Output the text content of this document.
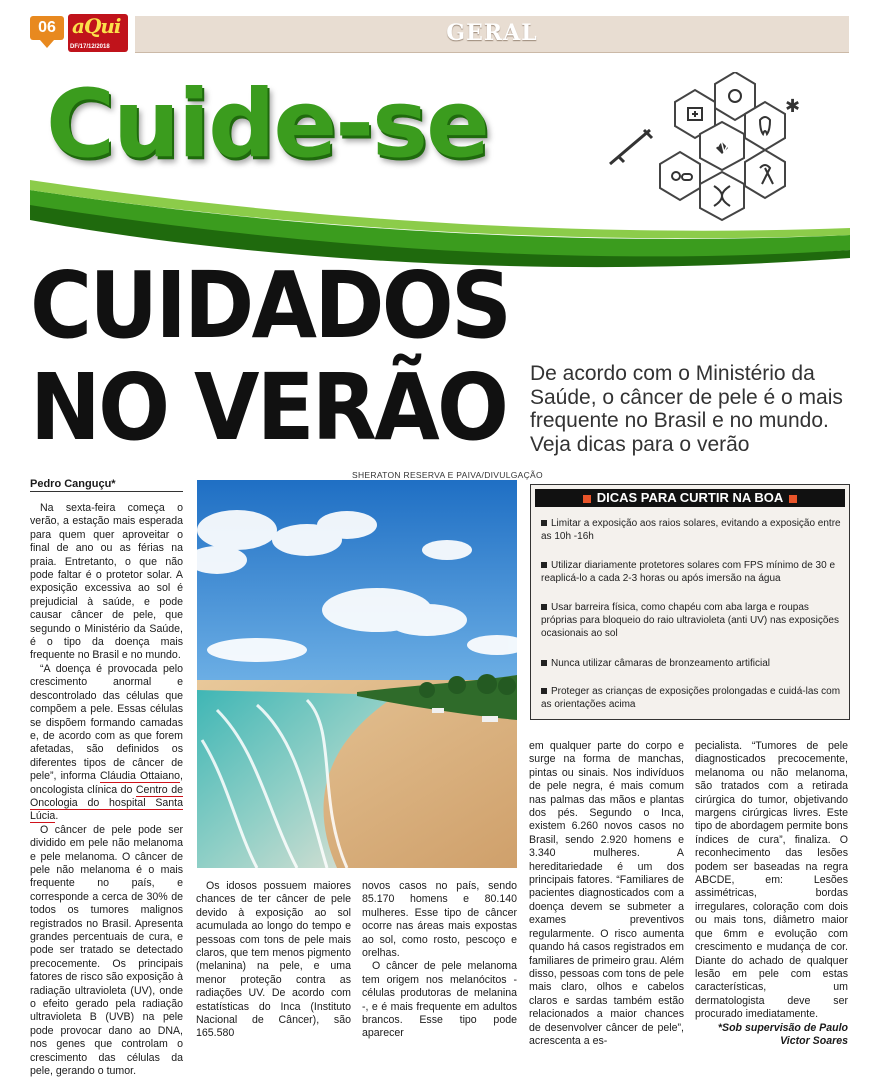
06 aQui
DF/17/12/2018
GERAL
Cuide-se	✱
CUIDADOS
NO VERÃO De acordo com o Ministério da Saúde, o câncer de pele é o mais frequente no Brasil e no mundo. Veja dicas para o verão
SHERATON RESERVA E PAIVA/DIVULGAÇÃO
Pedro Canguçu*

Na sexta-feira começa o verão, a estação mais esperada para quem quer aproveitar o final de ano ou as férias na praia. Entretanto, o que não pode faltar é o protetor solar. A exposição excessiva ao sol é prejudicial à saúde, e pode causar câncer de pele, que segundo o Ministério da Saúde, é o tipo da doença mais frequente no Brasil e no mundo.

“A doença é provocada pelo crescimento anormal e descontrolado das células que compõem a pele. Essas células se dispõem formando camadas e, de acordo com as que forem afetadas, são definidos os diferentes tipos de câncer de pele”, informa Cláudia Ottaiano, oncologista clínica do Centro de Oncologia do hospital Santa Lúcia.

O câncer de pele pode ser dividido em pele não melanoma e pele melanoma. O câncer de pele não melanoma é o mais frequente no país, e corresponde a cerca de 30% de todos os tumores malignos registrados no Brasil. Apresenta grandes percentuais de cura, e pode ser tratado se detectado precocemente. Os principais fatores de risco são exposição à radiação ultravioleta (UV), onde o efeito gerado pela radiação ultravioleta B (UVB) na pele pode provocar dano ao DNA, nos genes que controlam o crescimento das células da pele, gerando o tumor.

Os idosos possuem maiores chances de ter câncer de pele devido à exposição ao sol acumulada ao longo do tempo e pessoas com tons de pele mais claros, que tem menos pigmento (melanina) na pele, e uma menor proteção contra as radiações UV. De acordo com estatísticas do Inca (Instituto Nacional de Câncer), são 165.580

novos casos no país, sendo 85.170 homens e 80.140 mulheres. Esse tipo de câncer ocorre nas áreas mais expostas ao sol, como rosto, pescoço e orelhas.

O câncer de pele melanoma tem origem nos melanócitos - células produtoras de melanina -, e é mais frequente em adultos brancos. Esse tipo pode aparecer

DICAS PARA CURTIR NA BOA
Limitar a exposição aos raios solares, evitando a exposição entre as 10h -16h
Utilizar diariamente protetores solares com FPS mínimo de 30 e reaplicá-lo a cada 2-3 horas ou após imersão na água
Usar barreira física, como chapéu com aba larga e roupas próprias para bloqueio do raio ultravioleta (anti UV) nas exposições ocasionais ao sol
Nunca utilizar câmaras de bronzeamento artificial
Proteger as crianças de exposições prolongadas e cuidá-las com as orientações acima

em qualquer parte do corpo e surge na forma de manchas, pintas ou sinais. Nos indivíduos de pele negra, é mais comum nas palmas das mãos e plantas dos pés. Segundo o Inca, existem 6.260 novos casos no Brasil, sendo 2.920 homens e 3.340 mulheres. A hereditariedade é um dos principais fatores. “Familiares de pacientes diagnosticados com a doença devem se submeter a exames preventivos regularmente. O risco aumenta quando há casos registrados em familiares de primeiro grau. Além disso, pessoas com tons de pele mais claro, olhos e cabelos claros e sardas também estão relacionados a maior chances de desenvolver câncer de pele”, acrescenta a es-

pecialista. “Tumores de pele diagnosticados precocemente, melanoma ou não melanoma, são tratados com a retirada cirúrgica do tumor, objetivando margens cirúrgicas livres. Este tipo de abordagem permite bons índices de cura”, finaliza. O reconhecimento das lesões podem ser baseadas na regra ABCDE, em: Lesões assimétricas, bordas irregulares, coloração com dois ou mais tons, diâmetro maior que 6mm e evolução com crescimento e mudança de cor. Diante do achado de qualquer lesão em pele com estas características, um dermatologista deve ser procurado imediatamente.

*Sob supervisão de Paulo Victor Soares
